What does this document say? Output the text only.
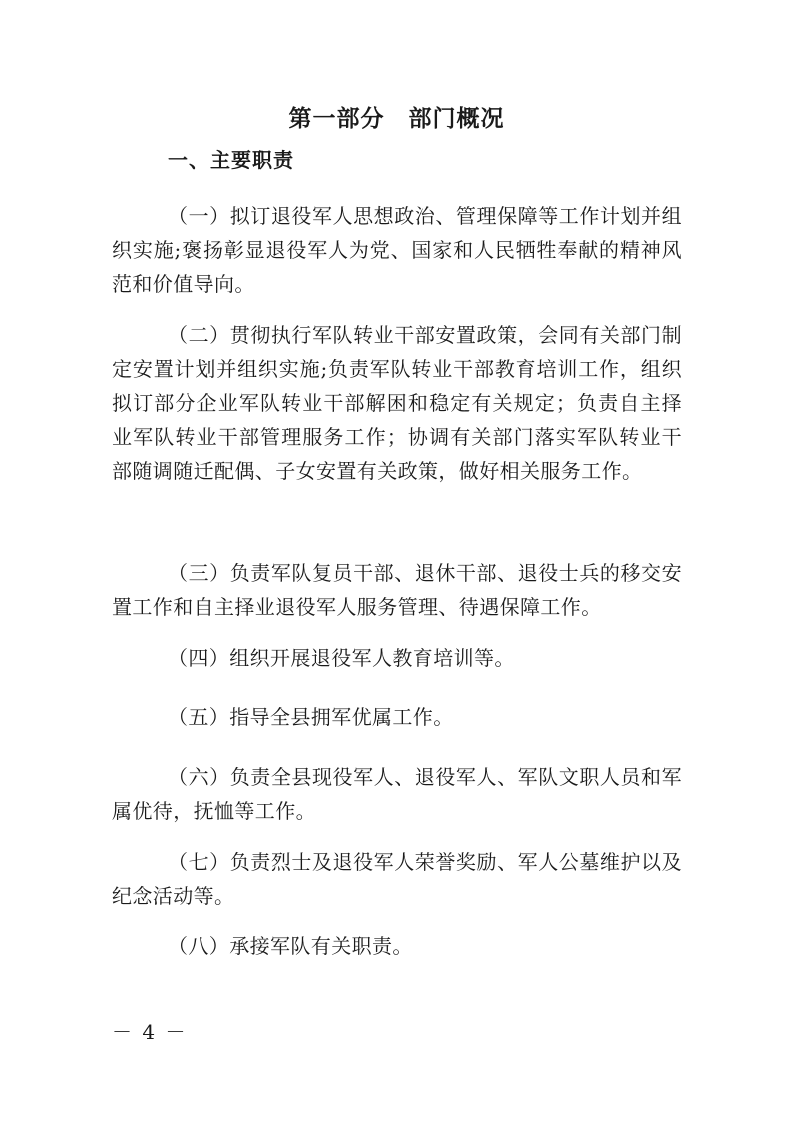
第一部分　部门概况
一、主要职责

（一）拟订退役军人思想政治、管理保障等工作计划并组织实施;褒扬彰显退役军人为党、国家和人民牺牲奉献的精神风范和价值导向。

（二）贯彻执行军队转业干部安置政策，会同有关部门制定安置计划并组织实施;负责军队转业干部教育培训工作，组织拟订部分企业军队转业干部解困和稳定有关规定；负责自主择业军队转业干部管理服务工作；协调有关部门落实军队转业干部随调随迁配偶、子女安置有关政策，做好相关服务工作。

（三）负责军队复员干部、退休干部、退役士兵的移交安置工作和自主择业退役军人服务管理、待遇保障工作。

（四）组织开展退役军人教育培训等。

（五）指导全县拥军优属工作。

（六）负责全县现役军人、退役军人、军队文职人员和军属优待，抚恤等工作。

（七）负责烈士及退役军人荣誉奖励、军人公墓维护以及纪念活动等。

（八）承接军队有关职责。

－ 4 －
